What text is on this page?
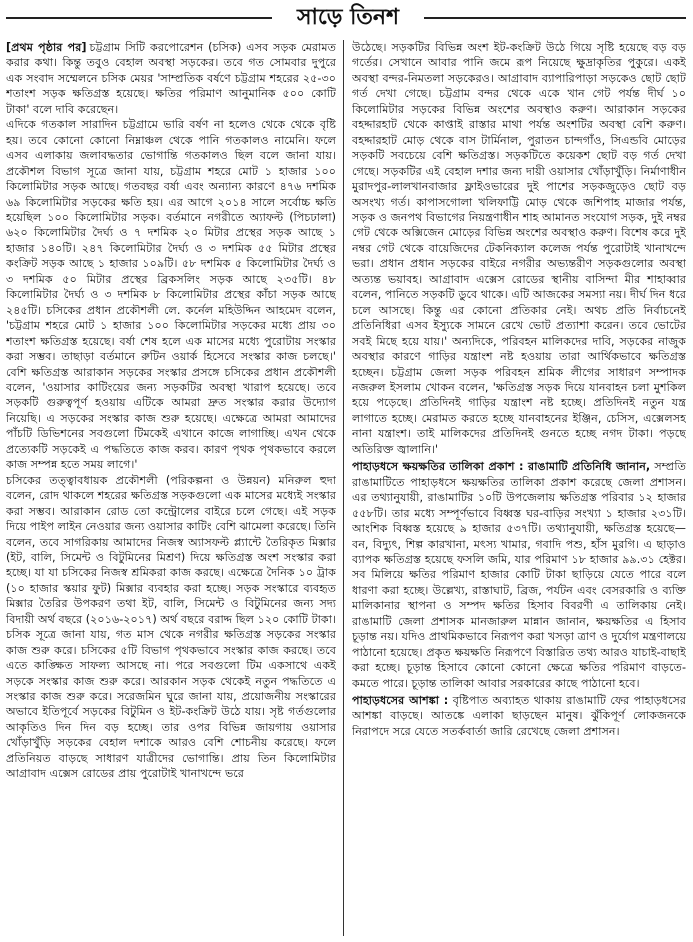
সাড়ে তিনশ

[প্রথম পৃষ্ঠার পর] চট্টগ্রাম সিটি করপোরেশন (চসিক) এসব সড়ক মেরামত করার কথা। কিন্তু তবুও বেহাল অবস্থা সড়কের। তবে গত সোমবার দুপুরে এক সংবাদ সম্মেলনে চসিক মেয়র 'সাম্প্রতিক বর্ষণে চট্টগ্রাম শহরের ২৫-৩০ শতাংশ সড়ক ক্ষতিগ্রস্ত হয়েছে। ক্ষতির পরিমাণ আনুমানিক ৫০০ কোটি টাকা' বলে দাবি করেছেন।

এদিকে গতকাল সারাদিন চট্টগ্রামে ভারি বর্ষণ না হলেও থেকে থেকে বৃষ্টি হয়। তবে কোনো কোনো নিম্নাঞ্চল থেকে পানি গতকালও নামেনি। ফলে এসব এলাকায় জলাবদ্ধতার ভোগান্তি গতকালও ছিল বলে জানা যায়। প্রকৌশল বিভাগ সূত্রে জানা যায়, চট্টগ্রাম শহরে মোট ১ হাজার ১০০ কিলোমিটার সড়ক আছে। গতবছর বর্ষা এবং অন্যান্য কারণে ৪৭৬ দশমিক ৬৯ কিলোমিটার সড়কের ক্ষতি হয়। এর আগে ২০১৪ সালে সর্বোচ্চ ক্ষতি হয়েছিল ১০০ কিলোমিটার সড়ক। বর্তমানে নগরীতে অ্যাফল্ট (পিচঢালা) ৬২০ কিলোমিটার দৈর্ঘ্য ও ৭ দশমিক ২০ মিটার প্রস্থের সড়ক আছে ১ হাজার ১৪০টি। ২৪৭ কিলোমিটার দৈর্ঘ্য ও ৩ দশমিক ৫৫ মিটার প্রস্থের কংক্রিট সড়ক আছে ১ হাজার ১০৯টি। ৫৮ দশমিক ৫ কিলোমিটার দৈর্ঘ্য ও ৩ দশমিক ৫০ মিটার প্রস্থের ব্রিকসলিং সড়ক আছে ২৩৫টি। ৪৮ কিলোমিটার দৈর্ঘ্য ও ৩ দশমিক ৮ কিলোমিটার প্রস্থের কাঁচা সড়ক আছে ২৪৫টি। চসিকের প্রধান প্রকৌশলী লে. কর্নেল মহিউদ্দিন আহমেদ বলেন, 'চট্টগ্রাম শহরে মোট ১ হাজার ১০০ কিলোমিটার সড়কের মধ্যে প্রায় ৩০ শতাংশ ক্ষতিগ্রস্ত হয়েছে। বর্ষা শেষ হলে এক মাসের মধ্যে পুরোটায় সংস্কার করা সম্ভব। তাছাড়া বর্তমানে রুটিন ওয়ার্ক হিসেবে সংস্কার কাজ চলছে।' বেশি ক্ষতিগ্রস্ত আরাকান সড়কের সংস্কার প্রসঙ্গে চসিকের প্রধান প্রকৌশলী বলেন, 'ওয়াসার কাটিংয়ের জন্য সড়কটির অবস্থা খারাপ হয়েছে। তবে সড়কটি গুরুত্বপূর্ণ হওয়ায় এটিকে আমরা দ্রুত সংস্কার করার উদ্যোগ নিয়েছি। এ সড়কের সংস্কার কাজ শুরু হয়েছে। এক্ষেত্রে আমরা আমাদের পাঁচটি ডিভিশনের সবগুলো টিমকেই এখানে কাজে লাগাচ্ছি। এখন থেকে প্রত্যেকটি সড়কেই এ পদ্ধতিতে কাজ করব। কারণ পৃথক পৃথকভাবে করলে কাজ সম্পন্ন হতে সময় লাগে।'

চসিকের তত্ত্বাবধায়ক প্রকৌশলী (পরিকল্পনা ও উন্নয়ন) মনিরুল হুদা বলেন, রোদ থাকলে শহরের ক্ষতিগ্রস্ত সড়কগুলো এক মাসের মধ্যেই সংস্কার করা সম্ভব। আরাকান রোড তো কন্ট্রোলের বাইরে চলে গেছে। এই সড়ক দিয়ে পাইপ লাইন নেওয়ার জন্য ওয়াসার কাটিং বেশি ঝামেলা করেছে। তিনি বলেন, তবে সাগরিকায় আমাদের নিজস্ব অ্যাসফল্ট প্ল্যান্টে তৈরিকৃত মিক্সার (ইট, বালি, সিমেন্ট ও বিটুমিনের মিশ্রণ) দিয়ে ক্ষতিগ্রস্ত অংশ সংস্কার করা হচ্ছে। যা যা চসিকের নিজস্ব শ্রমিকরা কাজ করছে। এক্ষেত্রে দৈনিক ১০ ট্রাক (১০ হাজার স্কয়ার ফুট) মিক্সার ব্যবহার করা হচ্ছে। সড়ক সংস্কারে ব্যবহৃত মিক্সার তৈরির উপকরণ তথা ইট, বালি, সিমেন্ট ও বিটুমিনের জন্য সদ্য বিদায়ী অর্থ বছরে (২০১৬-২০১৭) অর্থ বছরে বরাদ্দ ছিল ১২০ কোটি টাকা। চসিক সূত্রে জানা যায়, গত মাস থেকে নগরীর ক্ষতিগ্রস্ত সড়কের সংস্কার কাজ শুরু করে। চসিকের ৫টি বিভাগ পৃথকভাবে সংস্কার কাজ করছে। তবে এতে কাঙ্ক্ষিত সাফল্য আসছে না। পরে সবগুলো টিম একসাথে একই সড়কে সংস্কার কাজ শুরু করে। আরকান সড়ক থেকেই নতুন পদ্ধতিতে এ সংস্কার কাজ শুরু করে। সরেজমিন ঘুরে জানা যায়, প্রয়োজনীয় সংস্কারের অভাবে ইতিপূর্বে সড়কের বিটুমিন ও ইট-কংক্রিট উঠে যায়। সৃষ্ট গর্তগুলোর আকৃতিও দিন দিন বড় হচ্ছে। তার ওপর বিভিন্ন জায়গায় ওয়াসার খোঁড়াখুঁড়ি সড়কের বেহাল দশাকে আরও বেশি শোচনীয় করেছে। ফলে প্রতিনিয়ত বাড়ছে সাধারণ যাত্রীদের ভোগান্তি। প্রায় তিন কিলোমিটার আগ্রাবাদ এক্সেস রোডের প্রায় পুরোটাই খানাখন্দে ভরে

উঠেছে। সড়কটির বিভিন্ন অংশ ইট-কংক্রিট উঠে গিয়ে সৃষ্টি হয়েছে বড় বড় গর্তের। সেখানে আবার পানি জমে রূপ নিয়েছে ক্ষুদ্রাকৃতির পুকুরে। একই অবস্থা বন্দর-নিমতলা সড়কেরও। আগ্রাবাদ ব্যাপারিপাড়া সড়কেও ছোট ছোট গর্ত দেখা গেছে। চট্টগ্রাম বন্দর থেকে একে খান গেট পর্যন্ত দীর্ঘ ১০ কিলোমিটার সড়কের বিভিন্ন অংশের অবস্থাও করুণ। আরাকান সড়কের বহদ্দারহাট থেকে কাপ্তাই রাস্তার মাথা পর্যন্ত অংশটির অবস্থা বেশি করুণ। বহদ্দারহাট মোড় থেকে বাস টার্মিনাল, পুরাতন চান্দগাঁও, সিএন্ডবি মোড়ের সড়কটি সবচেয়ে বেশি ক্ষতিগ্রস্ত। সড়কটিতে কয়েকশ ছোট বড় গর্ত দেখা গেছে। সড়কটির এই বেহাল দশার জন্য দায়ী ওয়াসার খোঁড়াখুঁড়ি। নির্মাণাধীন মুরাদপুর-লালখানবাজার ফ্লাইওভারের দুই পাশের সড়কজুড়েও ছোট বড় অসংখ্য গর্ত। কাপাসগোলা খলিফাট্টি মোড় থেকে জশিপাহ মাজার পর্যন্ত, সড়ক ও জনপথ বিভাগের নিয়ন্ত্রণাধীন শাহ আমানত সংযোগ সড়ক, দুই নম্বর গেট থেকে অক্সিজেন মোড়ের বিভিন্ন অংশের অবস্থাও করুণ। বিশেষ করে দুই নম্বর গেট থেকে বায়েজিদের টেকনিক্যাল কলেজ পর্যন্ত পুরোটাই খানাখন্দে ভরা। প্রধান প্রধান সড়কের বাইরে নগরীর অভ্যন্তরীণ সড়কগুলোর অবস্থা অত্যন্ত ভয়াবহ। আগ্রাবাদ এক্সেস রোডের স্থানীয় বাসিন্দা মীর শাহাব্বার বলেন, পানিতে সড়কটি ডুবে থাকে। এটি আজকের সমস্যা নয়। দীর্ঘ দিন ধরে চলে আসছে। কিন্তু এর কোনো প্রতিকার নেই। অথচ প্রতি নির্বাচনেই প্রতিনিধিরা এসব ইস্যুকে সামনে রেখে ভোট প্রত্যাশা করেন। তবে ভোটের সবই মিছে হয়ে যায়।' অন্যদিকে, পরিবহন মালিকদের দাবি, সড়কের নাজুক অবস্থার কারণে গাড়ির যন্ত্রাংশ নষ্ট হওয়ায় তারা আর্থিকভাবে ক্ষতিগ্রস্ত হচ্ছেন। চট্টগ্রাম জেলা সড়ক পরিবহন শ্রমিক লীগের সাধারণ সম্পাদক নজরুল ইসলাম খোকন বলেন, 'ক্ষতিগ্রস্ত সড়ক দিয়ে যানবাহন চলা মুশকিল হয়ে পড়েছে। প্রতিদিনই গাড়ির যন্ত্রাংশ নষ্ট হচ্ছে। প্রতিদিনই নতুন যন্ত্র লাগাতে হচ্ছে। মেরামত করতে হচ্ছে যানবাহনের ইঞ্জিন, চেসিস, এক্সেলসহ নানা যন্ত্রাংশ। তাই মালিকদের প্রতিদিনই গুনতে হচ্ছে নগদ টাকা। পড়ছে অতিরিক্ত জ্বালানি।'

পাহাড়ধসে ক্ষয়ক্ষতির তালিকা প্রকাশ : রাঙামাটি প্রতিনিধি জানান, সম্প্রতি রাঙামাটিতে পাহাড়ধসে ক্ষয়ক্ষতির তালিকা প্রকাশ করেছে জেলা প্রশাসন। এর তথ্যানুযায়ী, রাঙামাটির ১০টি উপজেলায় ক্ষতিগ্রস্ত পরিবার ১২ হাজার ৫৫৮টি। তার মধ্যে সম্পূর্ণভাবে বিধ্বস্ত ঘর-বাড়ির সংখ্যা ১ হাজার ২৩১টি। আংশিক বিধ্বস্ত হয়েছে ৯ হাজার ৫৩৭টি। তথ্যানুযায়ী, ক্ষতিগ্রস্ত হয়েছে—বন, বিদ্যুৎ, শিল্প কারখানা, মৎস্য খামার, গবাদি পশু, হাঁস মুরগি। এ ছাড়াও ব্যাপক ক্ষতিগ্রস্ত হয়েছে ফসলি জমি, যার পরিমাণ ১৮ হাজার ৯৯.৩১ হেক্টর। সব মিলিয়ে ক্ষতির পরিমাণ হাজার কোটি টাকা ছাড়িয়ে যেতে পারে বলে ধারণা করা হচ্ছে। উল্লেখ্য, রাস্তাঘাট, ব্রিজ, পর্যটন এবং বেসরকারি ও ব্যক্তি মালিকানার স্থাপনা ও সম্পদ ক্ষতির হিসাব বিবরণী এ তালিকায় নেই। রাঙামাটি জেলা প্রশাসক মানজারুল মান্নান জানান, ক্ষয়ক্ষতির এ হিসাব চূড়ান্ত নয়। যদিও প্রাথমিকভাবে নিরূপণ করা খসড়া ত্রাণ ও দুর্যোগ মন্ত্রণালয়ে পাঠানো হয়েছে। প্রকৃত ক্ষয়ক্ষতি নিরূপণে বিস্তারিত তথ্য আরও যাচাই-বাছাই করা হচ্ছে। চূড়ান্ত হিসাবে কোনো কোনো ক্ষেত্রে ক্ষতির পরিমাণ বাড়তে-কমতে পারে। চূড়ান্ত তালিকা আবার সরকারের কাছে পাঠানো হবে।

পাহাড়ধসের আশঙ্কা : বৃষ্টিপাত অব্যাহত থাকায় রাঙামাটি ফের পাহাড়ধসের আশঙ্কা বাড়ছে। আতঙ্কে এলাকা ছাড়ছেন মানুষ। ঝুঁকিপূর্ণ লোকজনকে নিরাপদে সরে যেতে সতর্কবার্তা জারি রেখেছে জেলা প্রশাসন।
